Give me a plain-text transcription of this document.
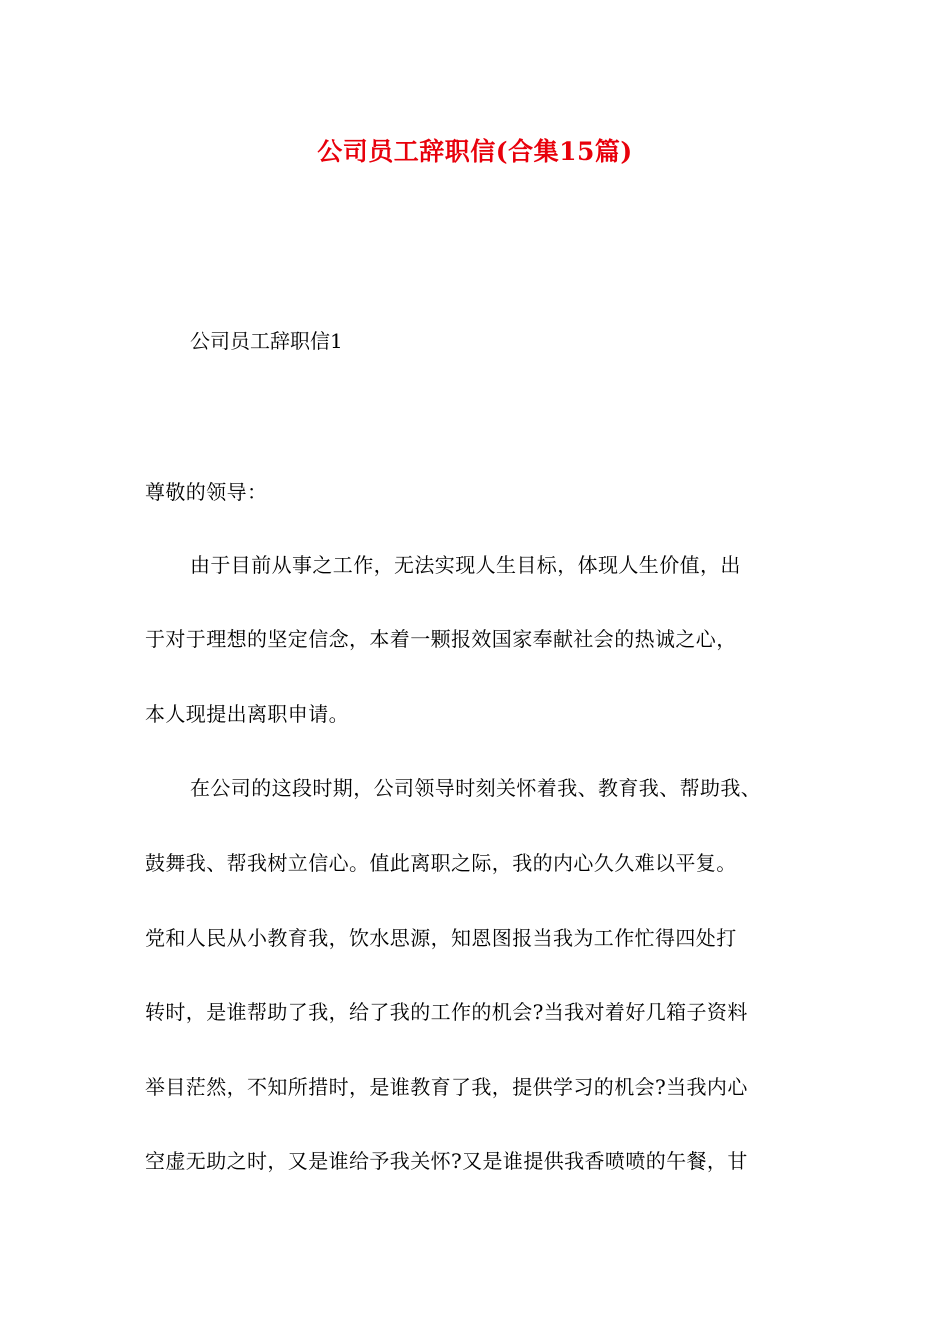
公司员工辞职信(合集15篇)

公司员工辞职信1

尊敬的领导：

由于目前从事之工作，无法实现人生目标，体现人生价值，出

于对于理想的坚定信念，本着一颗报效国家奉献社会的热诚之心，

本人现提出离职申请。

在公司的这段时期，公司领导时刻关怀着我、教育我、帮助我、

鼓舞我、帮我树立信心。值此离职之际，我的内心久久难以平复。

党和人民从小教育我，饮水思源，知恩图报当我为工作忙得四处打

转时，是谁帮助了我，给了我的工作的机会?当我对着好几箱子资料

举目茫然，不知所措时，是谁教育了我，提供学习的机会?当我内心

空虚无助之时，又是谁给予我关怀?又是谁提供我香喷喷的午餐，甘
